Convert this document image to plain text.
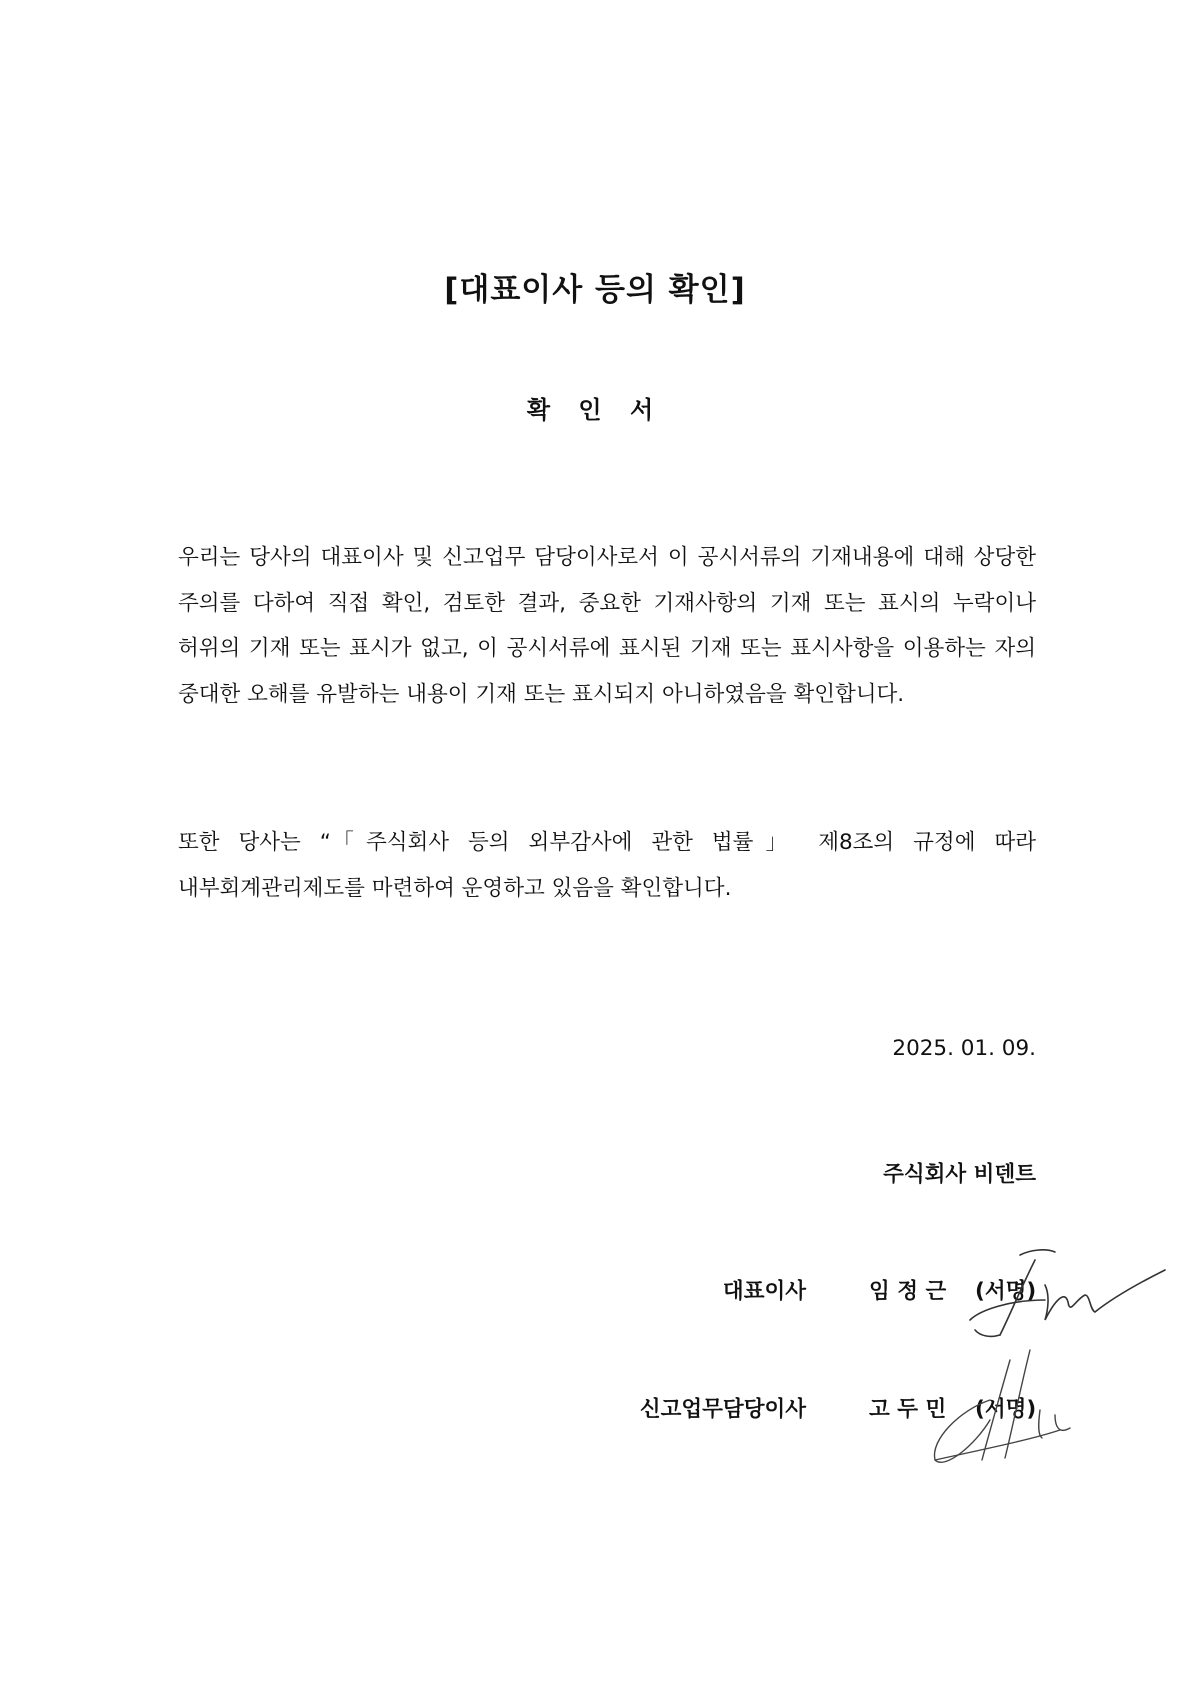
[대표이사 등의 확인]
확 인 서
우리는 당사의 대표이사 및 신고업무 담당이사로서 이 공시서류의 기재내용에 대해 상당한 주의를 다하여 직접 확인, 검토한 결과, 중요한 기재사항의 기재 또는 표시의 누락이나 허위의 기재 또는 표시가 없고, 이 공시서류에 표시된 기재 또는 표시사항을 이용하는 자의 중대한 오해를 유발하는 내용이 기재 또는 표시되지 아니하였음을 확인합니다.
또한 당사는 “「주식회사 등의 외부감사에 관한 법률」 제8조의 규정에 따라 내부회계관리제도를 마련하여 운영하고 있음을 확인합니다.
2025. 01. 09.
주식회사 비덴트
대표이사	임 정 근 (서명)
신고업무담당이사	고 두 민 (서명)
